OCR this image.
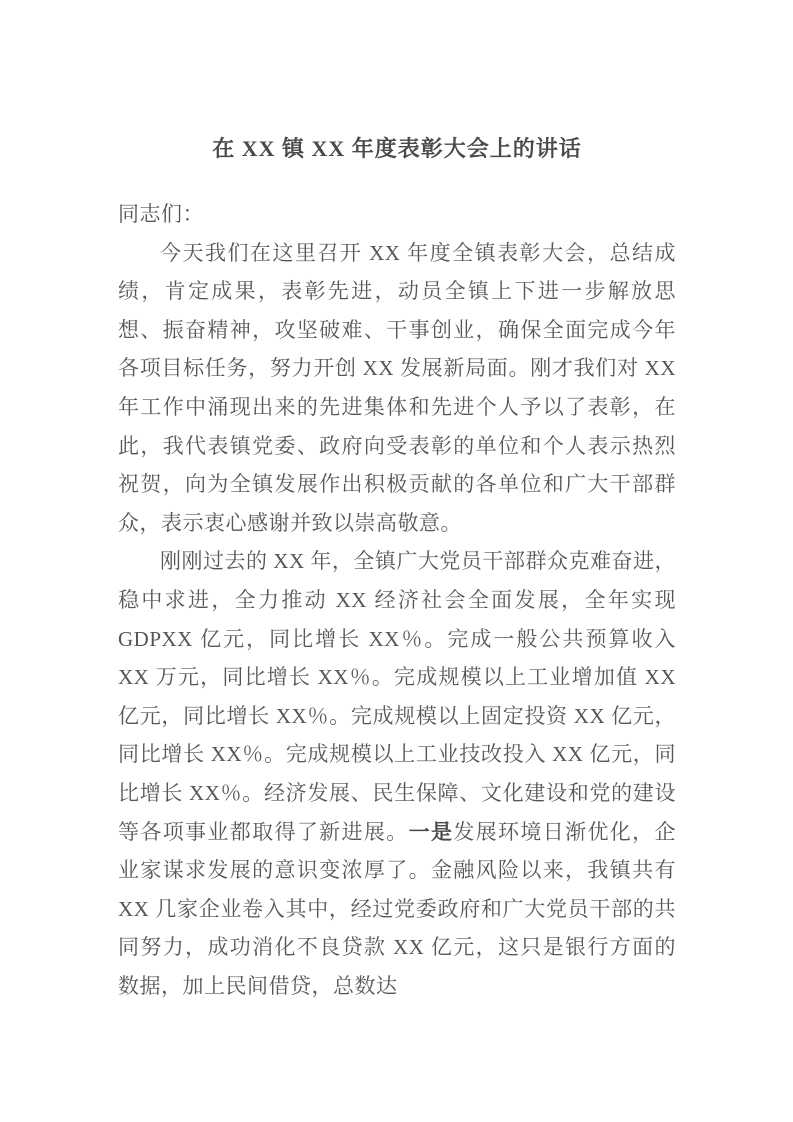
在 XX 镇 XX 年度表彰大会上的讲话

同志们：

今天我们在这里召开 XX 年度全镇表彰大会，总结成绩，肯定成果，表彰先进，动员全镇上下进一步解放思想、振奋精神，攻坚破难、干事创业，确保全面完成今年各项目标任务，努力开创 XX 发展新局面。刚才我们对 XX 年工作中涌现出来的先进集体和先进个人予以了表彰，在此，我代表镇党委、政府向受表彰的单位和个人表示热烈祝贺，向为全镇发展作出积极贡献的各单位和广大干部群众，表示衷心感谢并致以崇高敬意。

刚刚过去的 XX 年，全镇广大党员干部群众克难奋进，稳中求进，全力推动 XX 经济社会全面发展，全年实现 GDPXX 亿元，同比增长 XX％。完成一般公共预算收入 XX 万元，同比增长 XX％。完成规模以上工业增加值 XX 亿元，同比增长 XX％。完成规模以上固定投资 XX 亿元，同比增长 XX％。完成规模以上工业技改投入 XX 亿元，同比增长 XX％。经济发展、民生保障、文化建设和党的建设等各项事业都取得了新进展。一是发展环境日渐优化，企业家谋求发展的意识变浓厚了。金融风险以来，我镇共有 XX 几家企业卷入其中，经过党委政府和广大党员干部的共同努力，成功消化不良贷款 XX 亿元，这只是银行方面的数据，加上民间借贷，总数达
